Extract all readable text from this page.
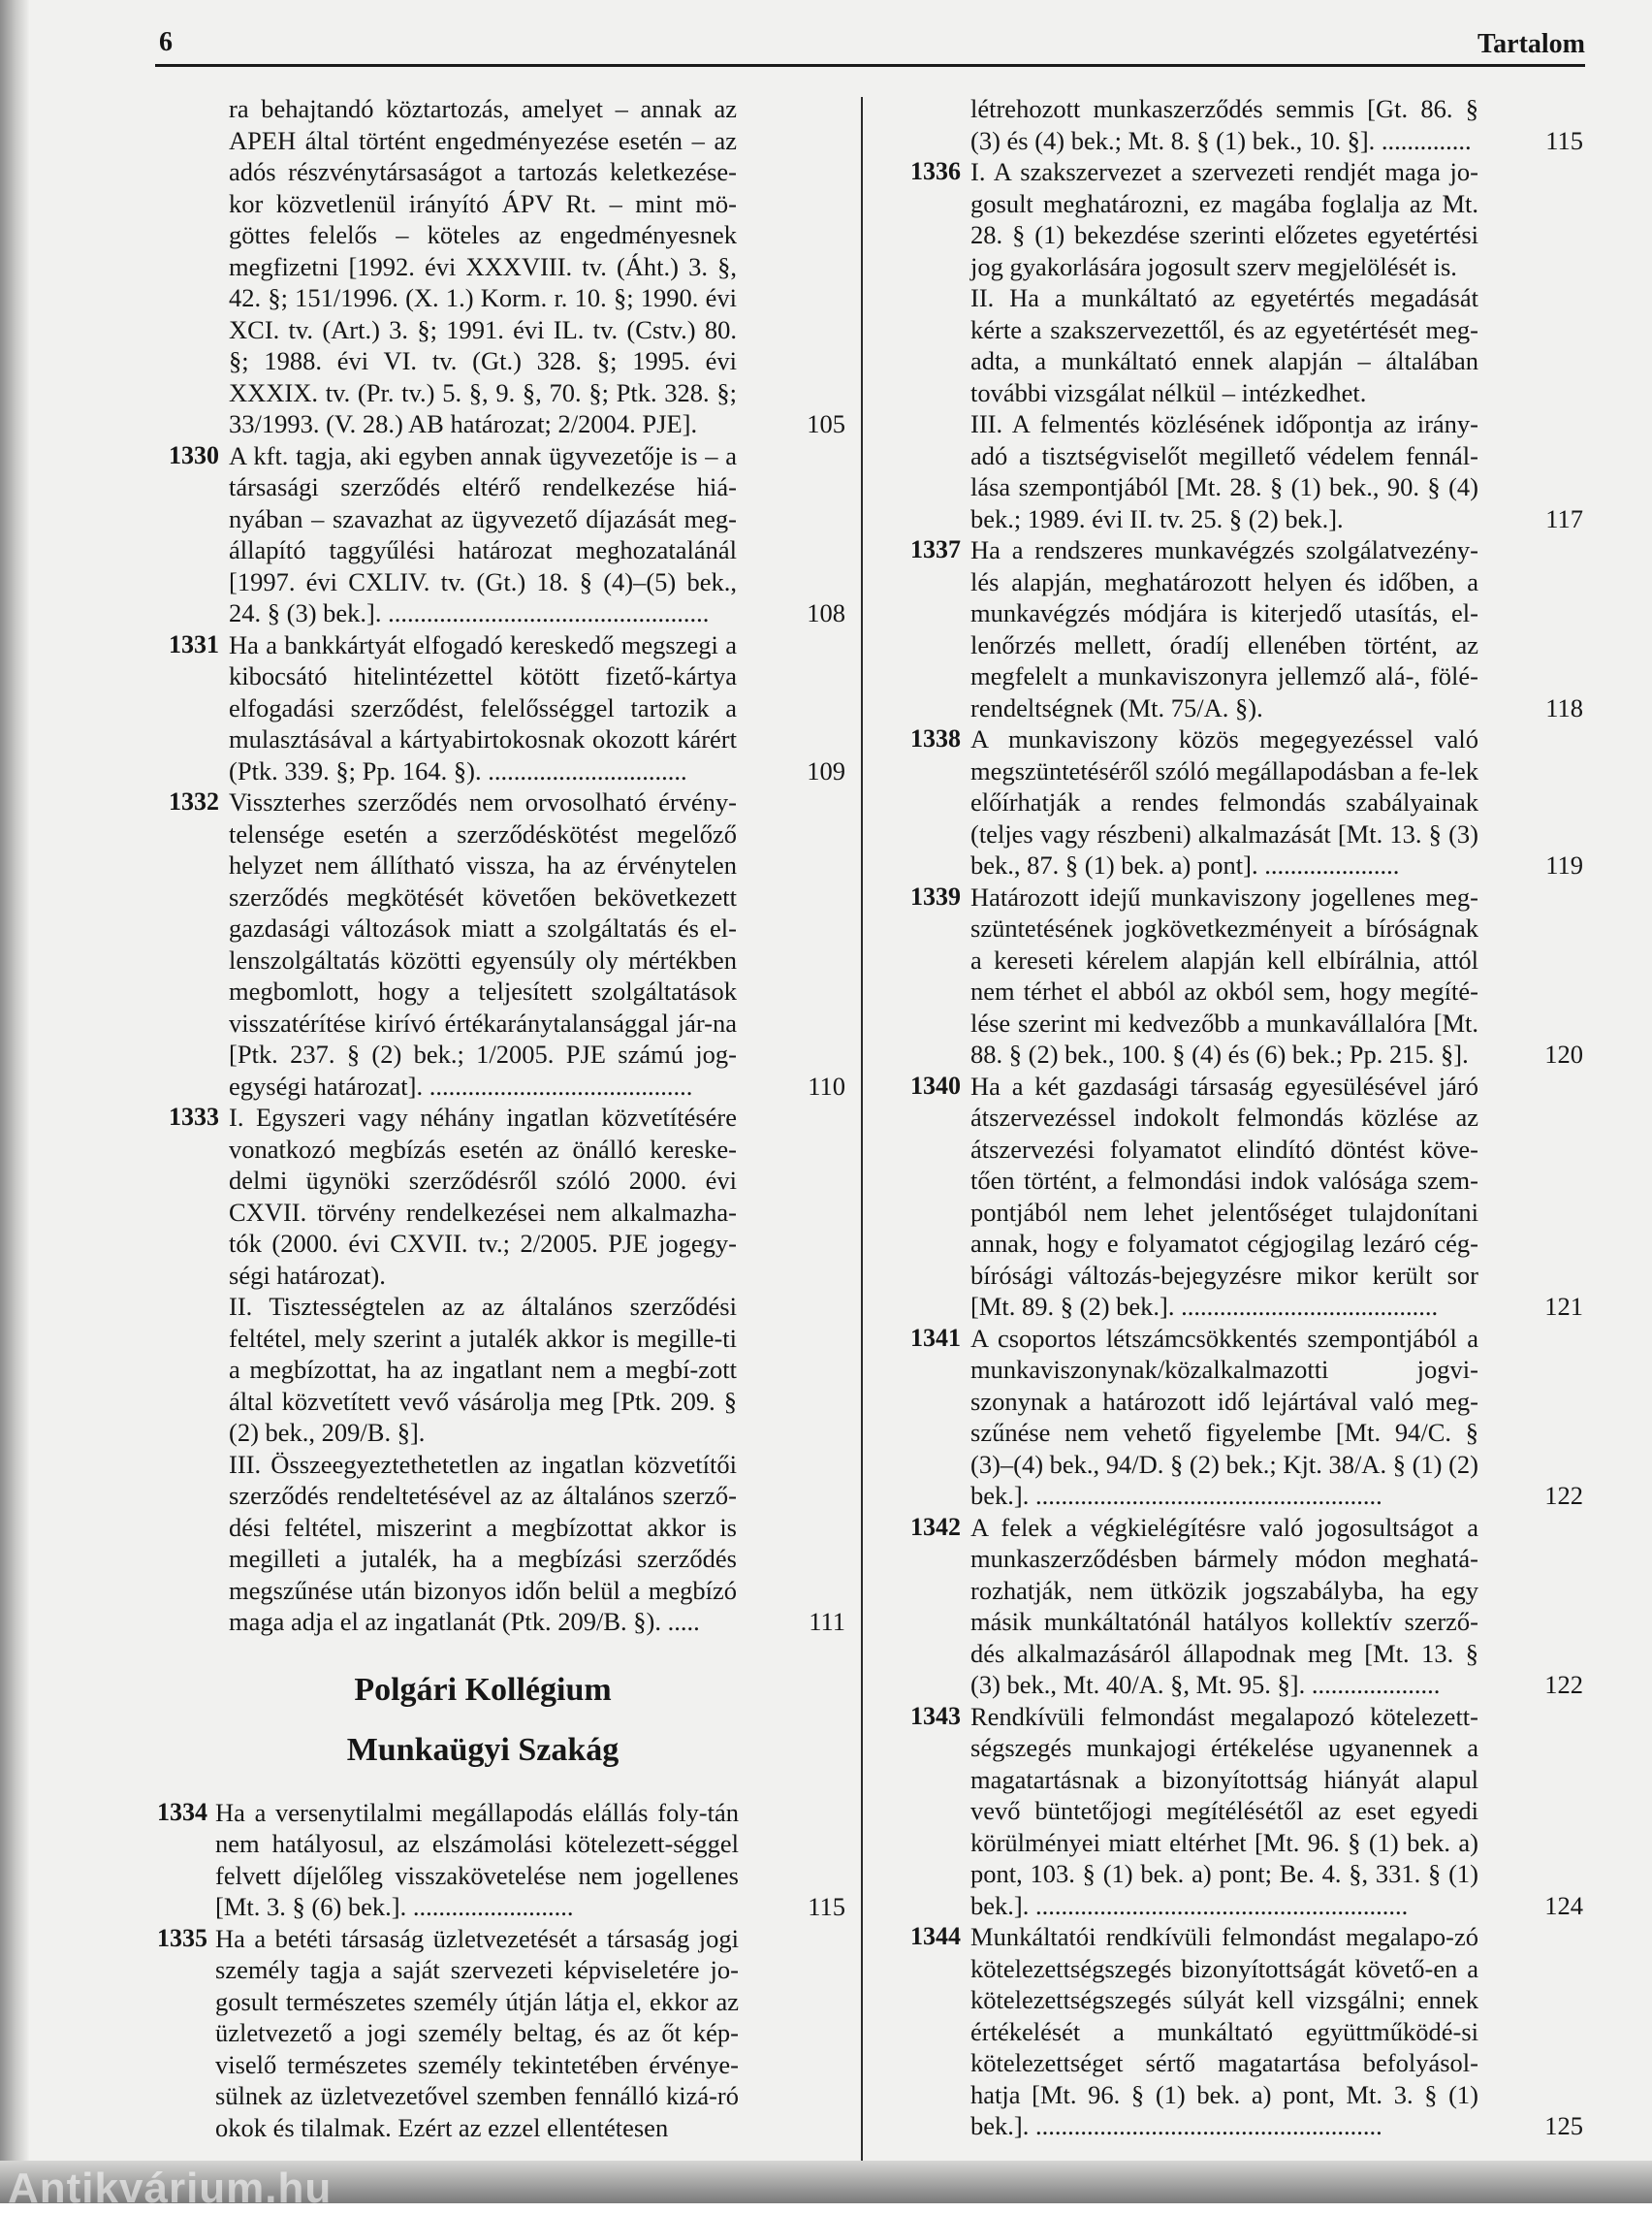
6	Tartalom
ra behajtandó köztartozás, amelyet – annak az APEH által történt engedményezése esetén – az adós részvénytársaságot a tartozás keletkezése-kor közvetlenül irányító ÁPV Rt. – mint mö-göttes felelős – köteles az engedményesnek megfizetni [1992. évi XXXVIII. tv. (Áht.) 3. §, 42. §; 151/1996. (X. 1.) Korm. r. 10. §; 1990. évi XCI. tv. (Art.) 3. §; 1991. évi IL. tv. (Cstv.) 80. §; 1988. évi VI. tv. (Gt.) 328. §; 1995. évi XXXIX. tv. (Pr. tv.) 5. §, 9. §, 70. §; Ptk. 328. §; 33/1993. (V. 28.) AB határozat; 2/2004. PJE].	105
1330 A kft. tagja, aki egyben annak ügyvezetője is – a társasági szerződés eltérő rendelkezése hiá-nyában – szavazhat az ügyvezető díjazását meg-állapító taggyűlési határozat meghozatalánál [1997. évi CXLIV. tv. (Gt.) 18. § (4)–(5) bek., 24. § (3) bek.]. ..................................................	108
1331 Ha a bankkártyát elfogadó kereskedő megszegi a kibocsátó hitelintézettel kötött fizető-kártya elfogadási szerződést, felelősséggel tartozik a mulasztásával a kártyabirtokosnak okozott kárért (Ptk. 339. §; Pp. 164. §). ...............................	109
1332 Visszterhes szerződés nem orvosolható érvény-telensége esetén a szerződéskötést megelőző helyzet nem állítható vissza, ha az érvénytelen szerződés megkötését követően bekövetkezett gazdasági változások miatt a szolgáltatás és el-lenszolgáltatás közötti egyensúly oly mértékben megbomlott, hogy a teljesített szolgáltatások visszatérítése kirívó értékaránytalansággal jár-na [Ptk. 237. § (2) bek.; 1/2005. PJE számú jog-egységi határozat]. .........................................	110
1333 I. Egyszeri vagy néhány ingatlan közvetítésére vonatkozó megbízás esetén az önálló kereske-delmi ügynöki szerződésről szóló 2000. évi CXVII. törvény rendelkezései nem alkalmazha-tók (2000. évi CXVII. tv.; 2/2005. PJE jogegy-ségi határozat).
II. Tisztességtelen az az általános szerződési feltétel, mely szerint a jutalék akkor is megille-ti a megbízottat, ha az ingatlant nem a megbí-zott által közvetített vevő vásárolja meg [Ptk. 209. § (2) bek., 209/B. §].
III. Összeegyeztethetetlen az ingatlan közvetítői szerződés rendeltetésével az az általános szerző-dési feltétel, miszerint a megbízottat akkor is megilleti a jutalék, ha a megbízási szerződés megszűnése után bizonyos időn belül a megbízó maga adja el az ingatlanát (Ptk. 209/B. §). .....	111
Polgári Kollégium
Munkaügyi Szakág
1334 Ha a versenytilalmi megállapodás elállás foly-tán nem hatályosul, az elszámolási kötelezett-séggel felvett díjelőleg visszakövetelése nem jogellenes [Mt. 3. § (6) bek.]. .........................	115
1335 Ha a betéti társaság üzletvezetését a társaság jogi személy tagja a saját szervezeti képviseletére jo-gosult természetes személy útján látja el, ekkor az üzletvezető a jogi személy beltag, és az őt kép-viselő természetes személy tekintetében érvénye-sülnek az üzletvezetővel szemben fennálló kizá-ró okok és tilalmak. Ezért az ezzel ellentétesen
létrehozott munkaszerződés semmis [Gt. 86. § (3) és (4) bek.; Mt. 8. § (1) bek., 10. §]. ..............	115
1336 I. A szakszervezet a szervezeti rendjét maga jo-gosult meghatározni, ez magába foglalja az Mt. 28. § (1) bekezdése szerinti előzetes egyetértési jog gyakorlására jogosult szerv megjelölését is.
II. Ha a munkáltató az egyetértés megadását kérte a szakszervezettől, és az egyetértését meg-adta, a munkáltató ennek alapján – általában további vizsgálat nélkül – intézkedhet.
III. A felmentés közlésének időpontja az irány-adó a tisztségviselőt megillető védelem fennál-lása szempontjából [Mt. 28. § (1) bek., 90. § (4) bek.; 1989. évi II. tv. 25. § (2) bek.].	117
1337 Ha a rendszeres munkavégzés szolgálatvezény-lés alapján, meghatározott helyen és időben, a munkavégzés módjára is kiterjedő utasítás, el-lenőrzés mellett, óradíj ellenében történt, az megfelelt a munkaviszonyra jellemző alá-, fölé-rendeltségnek (Mt. 75/A. §).	118
1338 A munkaviszony közös megegyezéssel való megszüntetéséről szóló megállapodásban a fe-lek előírhatják a rendes felmondás szabályainak (teljes vagy részbeni) alkalmazását [Mt. 13. § (3) bek., 87. § (1) bek. a) pont]. .....................	119
1339 Határozott idejű munkaviszony jogellenes meg-szüntetésének jogkövetkezményeit a bíróságnak a kereseti kérelem alapján kell elbírálnia, attól nem térhet el abból az okból sem, hogy megíté-lése szerint mi kedvezőbb a munkavállalóra [Mt. 88. § (2) bek., 100. § (4) és (6) bek.; Pp. 215. §].	120
1340 Ha a két gazdasági társaság egyesülésével járó átszervezéssel indokolt felmondás közlése az átszervezési folyamatot elindító döntést köve-tően történt, a felmondási indok valósága szem-pontjából nem lehet jelentőséget tulajdonítani annak, hogy e folyamatot cégjogilag lezáró cég-bírósági változás-bejegyzésre mikor került sor [Mt. 89. § (2) bek.]. ........................................	121
1341 A csoportos létszámcsökkentés szempontjából a munkaviszonynak/közalkalmazotti jogvi-szonynak a határozott idő lejártával való meg-szűnése nem vehető figyelembe [Mt. 94/C. § (3)–(4) bek., 94/D. § (2) bek.; Kjt. 38/A. § (1) (2) bek.]. ......................................................	122
1342 A felek a végkielégítésre való jogosultságot a munkaszerződésben bármely módon meghatá-rozhatják, nem ütközik jogszabályba, ha egy másik munkáltatónál hatályos kollektív szerző-dés alkalmazásáról állapodnak meg [Mt. 13. § (3) bek., Mt. 40/A. §, Mt. 95. §]. ....................	122
1343 Rendkívüli felmondást megalapozó kötelezett-ségszegés munkajogi értékelése ugyanennek a magatartásnak a bizonyítottság hiányát alapul vevő büntetőjogi megítélésétől az eset egyedi körülményei miatt eltérhet [Mt. 96. § (1) bek. a) pont, 103. § (1) bek. a) pont; Be. 4. §, 331. § (1) bek.]. ..........................................................	124
1344 Munkáltatói rendkívüli felmondást megalapo-zó kötelezettségszegés bizonyítottságát követő-en a kötelezettségszegés súlyát kell vizsgálni; ennek értékelését a munkáltató együttműködé-si kötelezettséget sértő magatartása befolyásol-hatja [Mt. 96. § (1) bek. a) pont, Mt. 3. § (1) bek.]. ......................................................	125
Antikvárium.hu
